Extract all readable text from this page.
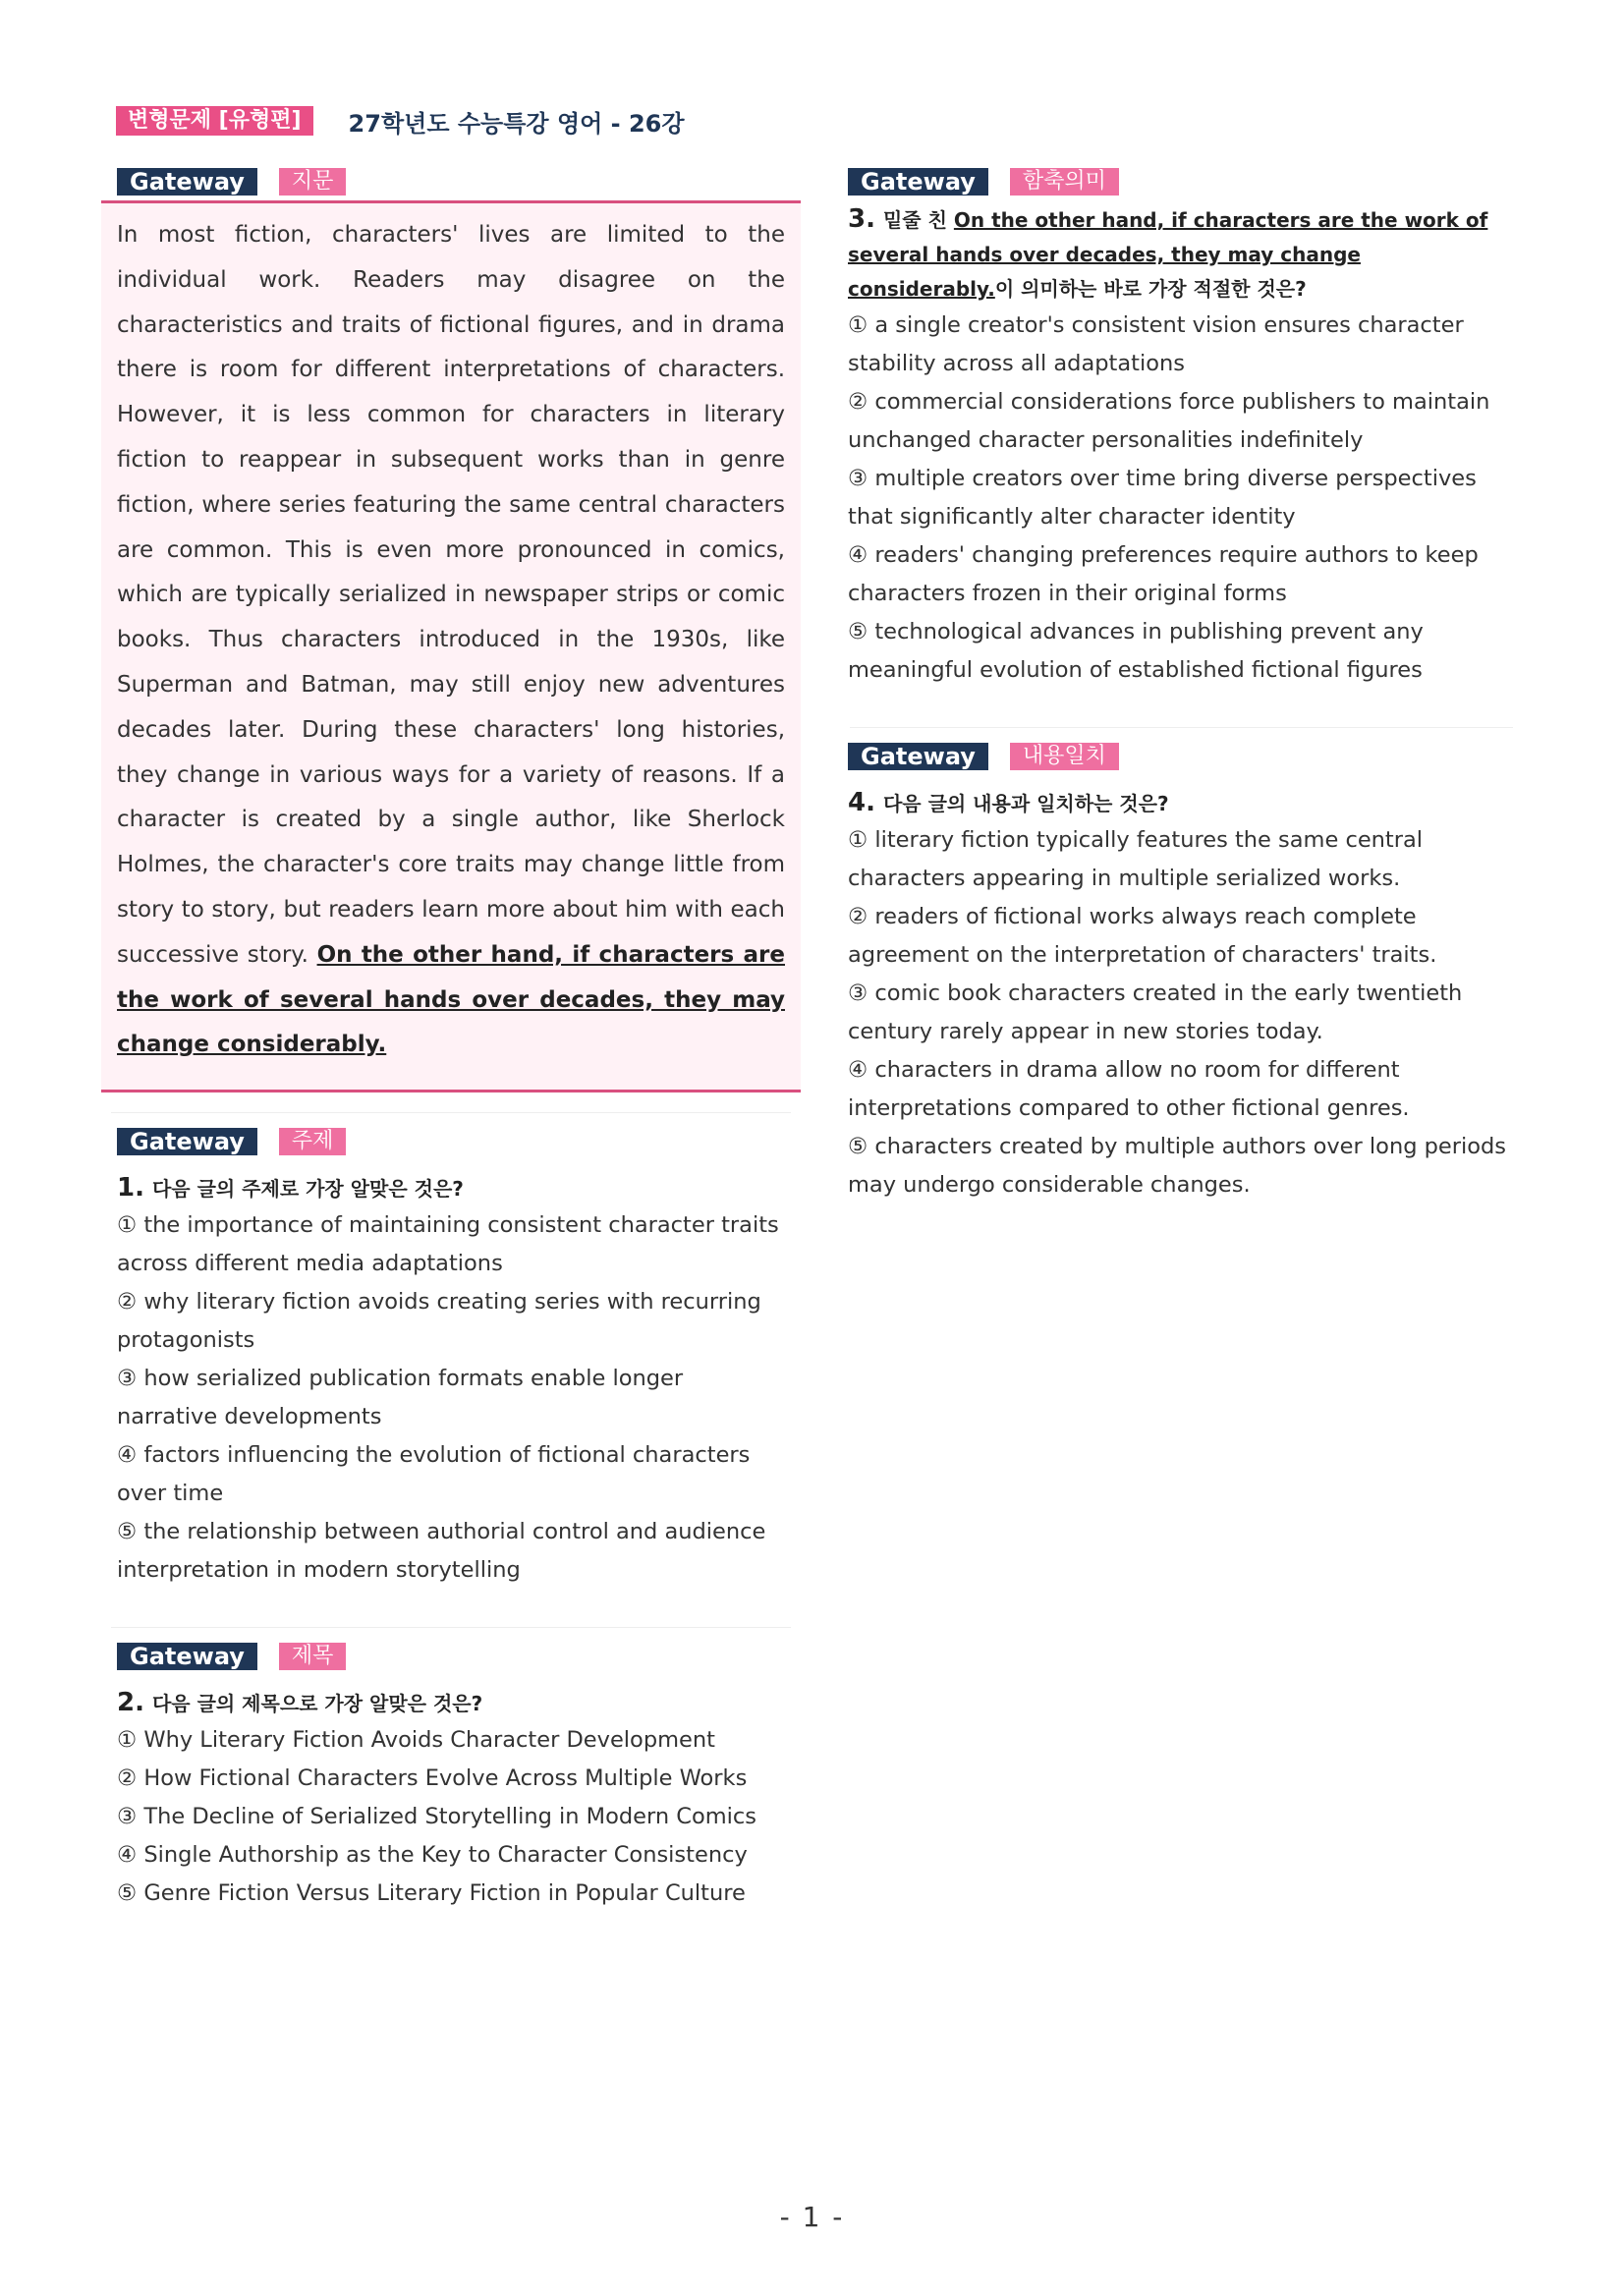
변형문제 [유형편]	27학년도 수능특강 영어 - 26강
Gateway	지문

In most fiction, characters' lives are limited to the individual work. Readers may disagree on the characteristics and traits of fictional figures, and in drama there is room for different interpretations of characters. However, it is less common for characters in literary fiction to reappear in subsequent works than in genre fiction, where series featuring the same central characters are common. This is even more pronounced in comics, which are typically serialized in newspaper strips or comic books. Thus characters introduced in the 1930s, like Superman and Batman, may still enjoy new adventures decades later. During these characters' long histories, they change in various ways for a variety of reasons. If a character is created by a single author, like Sherlock Holmes, the character's core traits may change little from story to story, but readers learn more about him with each successive story. On the other hand, if characters are the work of several hands over decades, they may change considerably.

Gateway	주제
1. 다음 글의 주제로 가장 알맞은 것은?

① the importance of maintaining consistent character traits across different media adaptations

② why literary fiction avoids creating series with recurring protagonists

③ how serialized publication formats enable longer narrative developments

④ factors influencing the evolution of fictional characters over time

⑤ the relationship between authorial control and audience interpretation in modern storytelling

Gateway	제목
2. 다음 글의 제목으로 가장 알맞은 것은?

① Why Literary Fiction Avoids Character Development

② How Fictional Characters Evolve Across Multiple Works

③ The Decline of Serialized Storytelling in Modern Comics

④ Single Authorship as the Key to Character Consistency

⑤ Genre Fiction Versus Literary Fiction in Popular Culture

Gateway	함축의미
3. 밑줄 친 On the other hand, if characters are the work of several hands over decades, they may change considerably.이 의미하는 바로 가장 적절한 것은?

① a single creator's consistent vision ensures character stability across all adaptations

② commercial considerations force publishers to maintain unchanged character personalities indefinitely

③ multiple creators over time bring diverse perspectives that significantly alter character identity

④ readers' changing preferences require authors to keep characters frozen in their original forms

⑤ technological advances in publishing prevent any meaningful evolution of established fictional figures

Gateway	내용일치
4. 다음 글의 내용과 일치하는 것은?

① literary fiction typically features the same central characters appearing in multiple serialized works.

② readers of fictional works always reach complete agreement on the interpretation of characters' traits.

③ comic book characters created in the early twentieth century rarely appear in new stories today.

④ characters in drama allow no room for different interpretations compared to other fictional genres.

⑤ characters created by multiple authors over long periods may undergo considerable changes.

- 1 -
